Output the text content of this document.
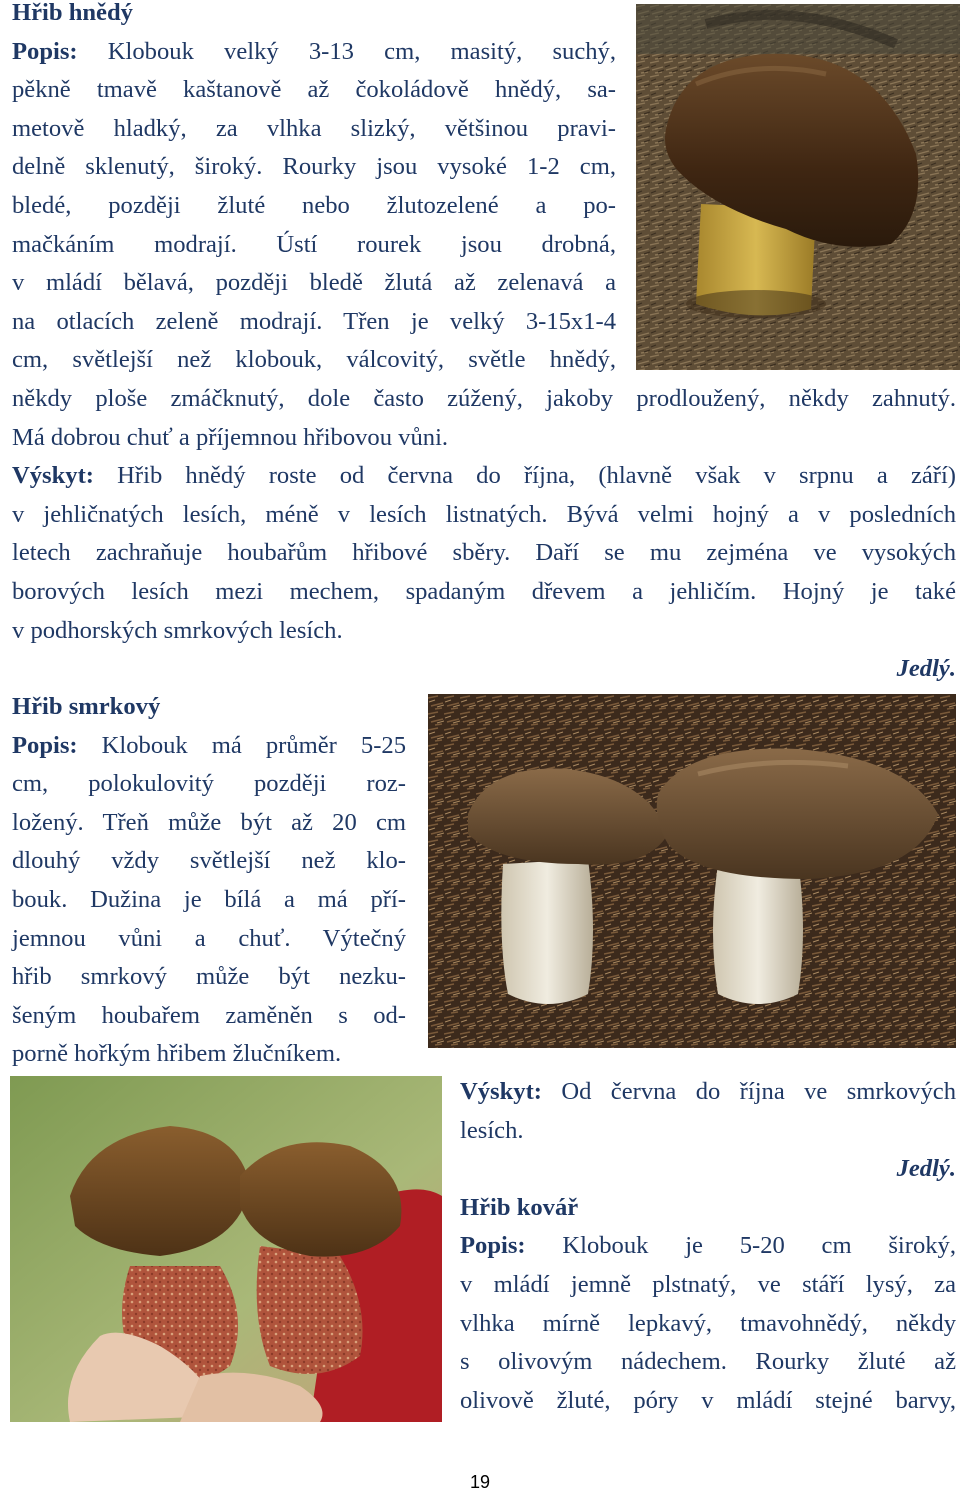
Hřib hnědý

Popis: Klobouk velký 3-13 cm, masitý, suchý,

pěkně tmavě kaštanově až čokoládově hnědý, sa-

metově hladký, za vlhka slizký, většinou pravi-

delně sklenutý, široký. Rourky jsou vysoké 1-2 cm,

bledé, později žluté nebo žlutozelené a po-

mačkáním modrají. Ústí rourek jsou drobná,

v mládí bělavá, později bledě žlutá až zelenavá a

na otlacích zeleně modrají. Třen je velký 3-15x1-4

cm, světlejší než klobouk, válcovitý, světle hnědý,

někdy ploše zmáčknutý, dole často zúžený, jakoby prodloužený, někdy zahnutý.

Má dobrou chuť a příjemnou hřibovou vůni.

Výskyt: Hřib hnědý roste od června do října, (hlavně však v srpnu a září)

v jehličnatých lesích, méně v lesích listnatých. Bývá velmi hojný a v posledních

letech zachraňuje houbařům hřibové sběry. Daří se mu zejména ve vysokých

borových lesích mezi mechem, spadaným dřevem a jehličím. Hojný je také

v podhorských smrkových lesích.

Jedlý.

Hřib smrkový

Popis: Klobouk má průměr 5-25

cm, polokulovitý později roz-

ložený. Třeň může být až 20 cm

dlouhý vždy světlejší než klo-

bouk. Dužina je bílá a má pří-

jemnou vůni a chuť. Výtečný

hřib smrkový může být nezku-

šeným houbařem zaměněn s od-

porně hořkým hřibem žlučníkem.

Výskyt: Od června do října ve smrkových

lesích.

Jedlý.

Hřib kovář

Popis: Klobouk je 5-20 cm široký,

v mládí jemně plstnatý, ve stáří lysý, za

vlhka mírně lepkavý, tmavohnědý, někdy

s olivovým nádechem. Rourky žluté až

olivově žluté, póry v mládí stejné barvy,

19
